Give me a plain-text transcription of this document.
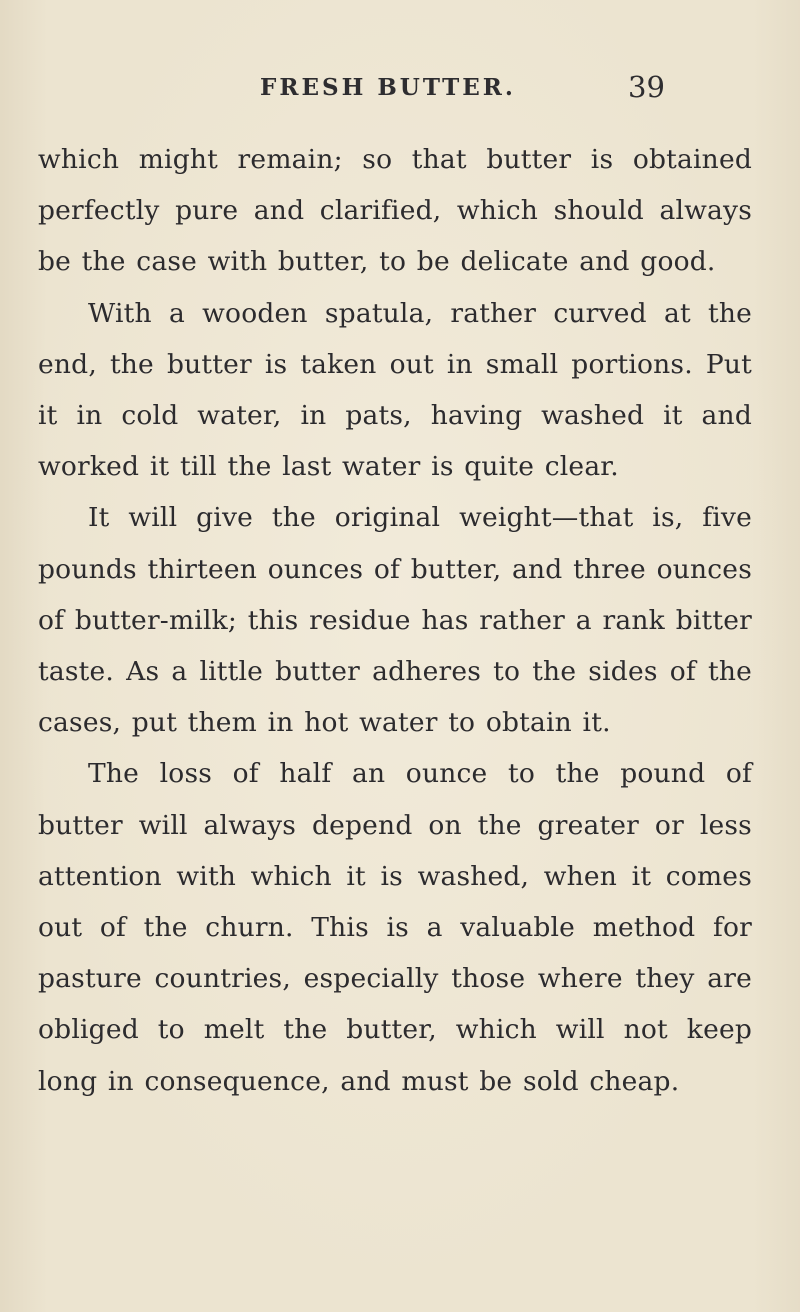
FRESH BUTTER.	39

which might remain; so that butter is obtained perfectly pure and clarified, which should always be the case with butter, to be delicate and good.

With a wooden spatula, rather curved at the end, the butter is taken out in small portions. Put it in cold water, in pats, having washed it and worked it till the last water is quite clear.

It will give the original weight—that is, five pounds thirteen ounces of butter, and three ounces of butter-milk; this residue has rather a rank bitter taste. As a little butter adheres to the sides of the cases, put them in hot water to obtain it.

The loss of half an ounce to the pound of butter will always depend on the greater or less attention with which it is washed, when it comes out of the churn. This is a valuable method for pasture countries, especially those where they are obliged to melt the butter, which will not keep long in consequence, and must be sold cheap.
